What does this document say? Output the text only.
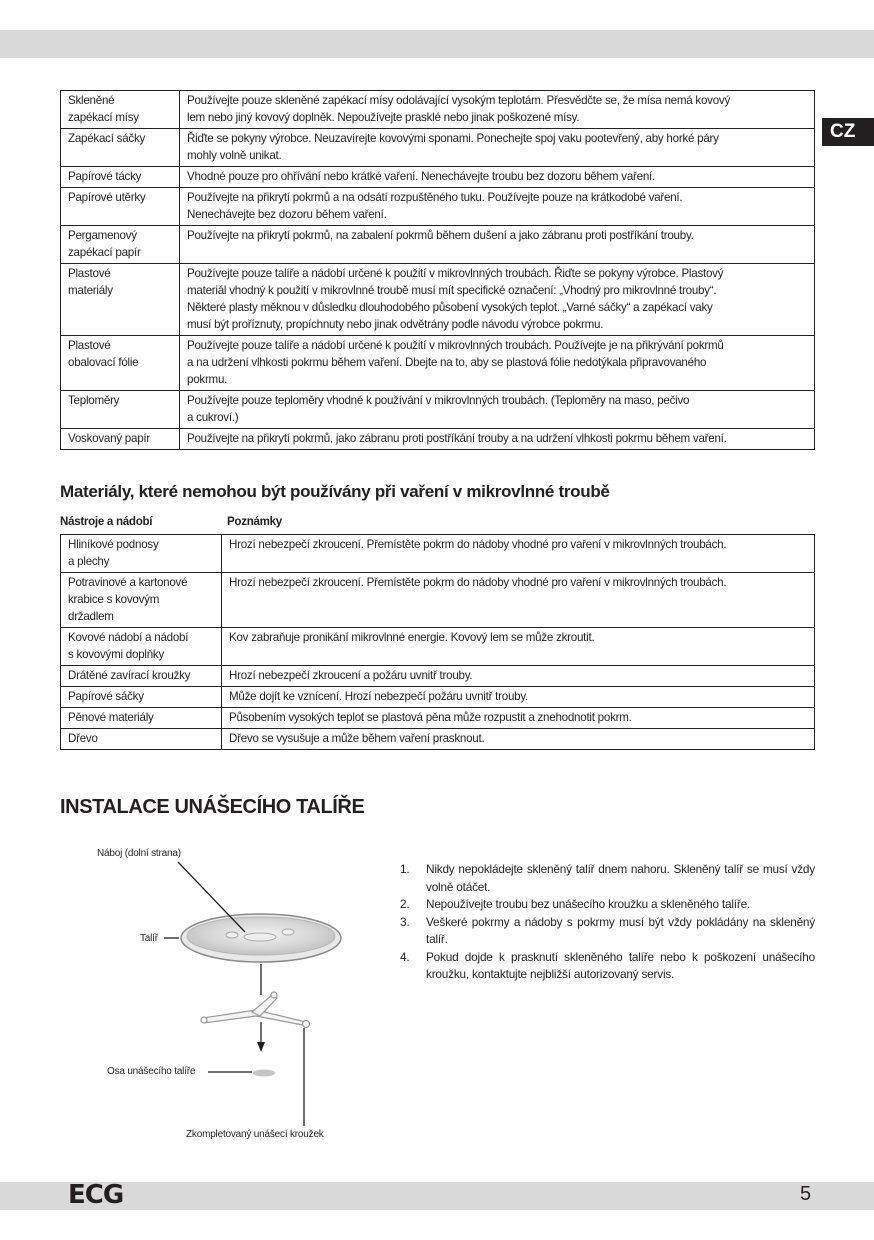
CZ
Skleněné
zapékací mísy	Používejte pouze skleněné zapékací mísy odolávající vysokým teplotám. Přesvědčte se, že mísa nemá kovový
lem nebo jiný kovový doplněk. Nepoužívejte prasklé nebo jinak poškozené mísy.

Zapékací sáčky	Řiďte se pokyny výrobce. Neuzavírejte kovovými sponami. Ponechejte spoj vaku pootevřený, aby horké páry
mohly volně unikat.

Papírové tácky	Vhodné pouze pro ohřívání nebo krátké vaření. Nenechávejte troubu bez dozoru během vaření.

Papírové utěrky	Používejte na přikrytí pokrmů a na odsátí rozpuštěného tuku. Používejte pouze na krátkodobé vaření.
Nenechávejte bez dozoru během vaření.

Pergamenový
zapékací papír	Používejte na přikrytí pokrmů, na zabalení pokrmů během dušení a jako zábranu proti postříkání trouby.

Plastové
materiály	Používejte pouze talíře a nádobí určené k použití v mikrovlnných troubách. Řiďte se pokyny výrobce. Plastový
materiál vhodný k použití v mikrovlnné troubě musí mít specifické označení: „Vhodný pro mikrovlnné trouby“.
Některé plasty měknou v důsledku dlouhodobého působení vysokých teplot. „Varné sáčky“ a zapékací vaky
musí být proříznuty, propíchnuty nebo jinak odvětrány podle návodu výrobce pokrmu.

Plastové
obalovací fólie	Používejte pouze talíře a nádobí určené k použití v mikrovlnných troubách. Používejte je na přikrývání pokrmů
a na udržení vlhkosti pokrmu během vaření. Dbejte na to, aby se plastová fólie nedotýkala připravovaného
pokrmu.

Teploměry	Používejte pouze teploměry vhodné k používání v mikrovlnných troubách. (Teploměry na maso, pečivo
a cukroví.)

Voskovaný papír	Používejte na přikrytí pokrmů, jako zábranu proti postříkání trouby a na udržení vlhkosti pokrmu během vaření.
Materiály, které nemohou být používány při vaření v mikrovlnné troubě
Nástroje a nádobí	Poznámky
Hliníkové podnosy
a plechy	Hrozí nebezpečí zkroucení. Přemístěte pokrm do nádoby vhodné pro vaření v mikrovlnných troubách.

Potravinové a kartonové
krabice s kovovým
držadlem	Hrozí nebezpečí zkroucení. Přemístěte pokrm do nádoby vhodné pro vaření v mikrovlnných troubách.

Kovové nádobí a nádobí
s kovovými doplňky	Kov zabraňuje pronikání mikrovlnné energie. Kovový lem se může zkroutit.

Drátěné zavírací kroužky	Hrozí nebezpečí zkroucení a požáru uvnitř trouby.

Papírové sáčky	Může dojít ke vznícení. Hrozí nebezpečí požáru uvnitř trouby.

Pěnové materiály	Působením vysokých teplot se plastová pěna může rozpustit a znehodnotit pokrm.

Dřevo	Dřevo se vysušuje a může během vaření prasknout.
INSTALACE UNÁŠECÍHO TALÍŘE
Náboj (dolní strana)
Talíř
Osa unášecího talíře
Zkompletovaný unášecí kroužek
1. Nikdy nepokládejte skleněný talíř dnem nahoru. Skleněný talíř se musí vždy volně otáčet.
2. Nepoužívejte troubu bez unášecího kroužku a skleněného talíře.
3. Veškeré pokrmy a nádoby s pokrmy musí být vždy pokládány na skleněný talíř.
4. Pokud dojde k prasknutí skleněného talíře nebo k poškození unášecího kroužku, kontaktujte nejbližší autorizovaný servis.
ECG	5
